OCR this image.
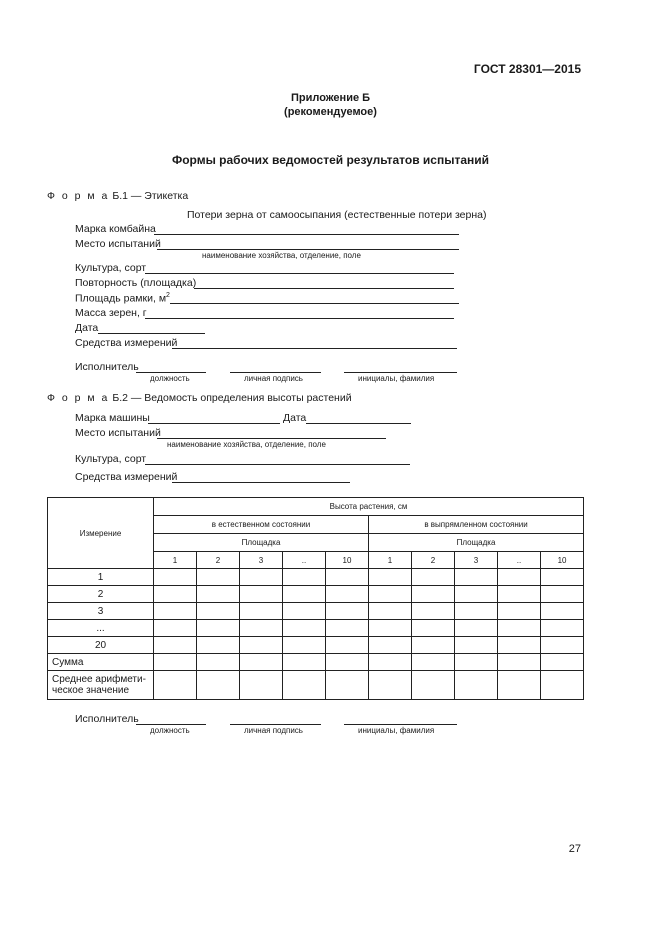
ГОСТ 28301—2015
Приложение Б
(рекомендуемое)
Формы рабочих ведомостей результатов испытаний
Ф о р м а Б.1 — Этикетка
Потери зерна от самоосыпания (естественные потери зерна)
Марка комбайна
Место испытаний
наименование хозяйства, отделение, поле
Культура, сорт
Повторность (площадка)
Площадь рамки, $м^2$
Масса зерен, г
Дата
Средства измерений
Исполнитель
должность	личная подпись	инициалы, фамилия
Ф о р м а Б.2 — Ведомость определения высоты растений
Марка машины	Дата
Место испытаний
наименование хозяйства, отделение, поле
Культура, сорт
Средства измерений
Измерение	Высота растения, см									
	в естественном состоянии					в выпрямленном состоянии				
	Площадка					Площадка				
	1	2	3	..	10	1	2	3	..	10
1										
2										
3										
...										
20										
Сумма										
Среднее арифмети-ческое значение										
Исполнитель
должность	личная подпись	инициалы, фамилия
27
